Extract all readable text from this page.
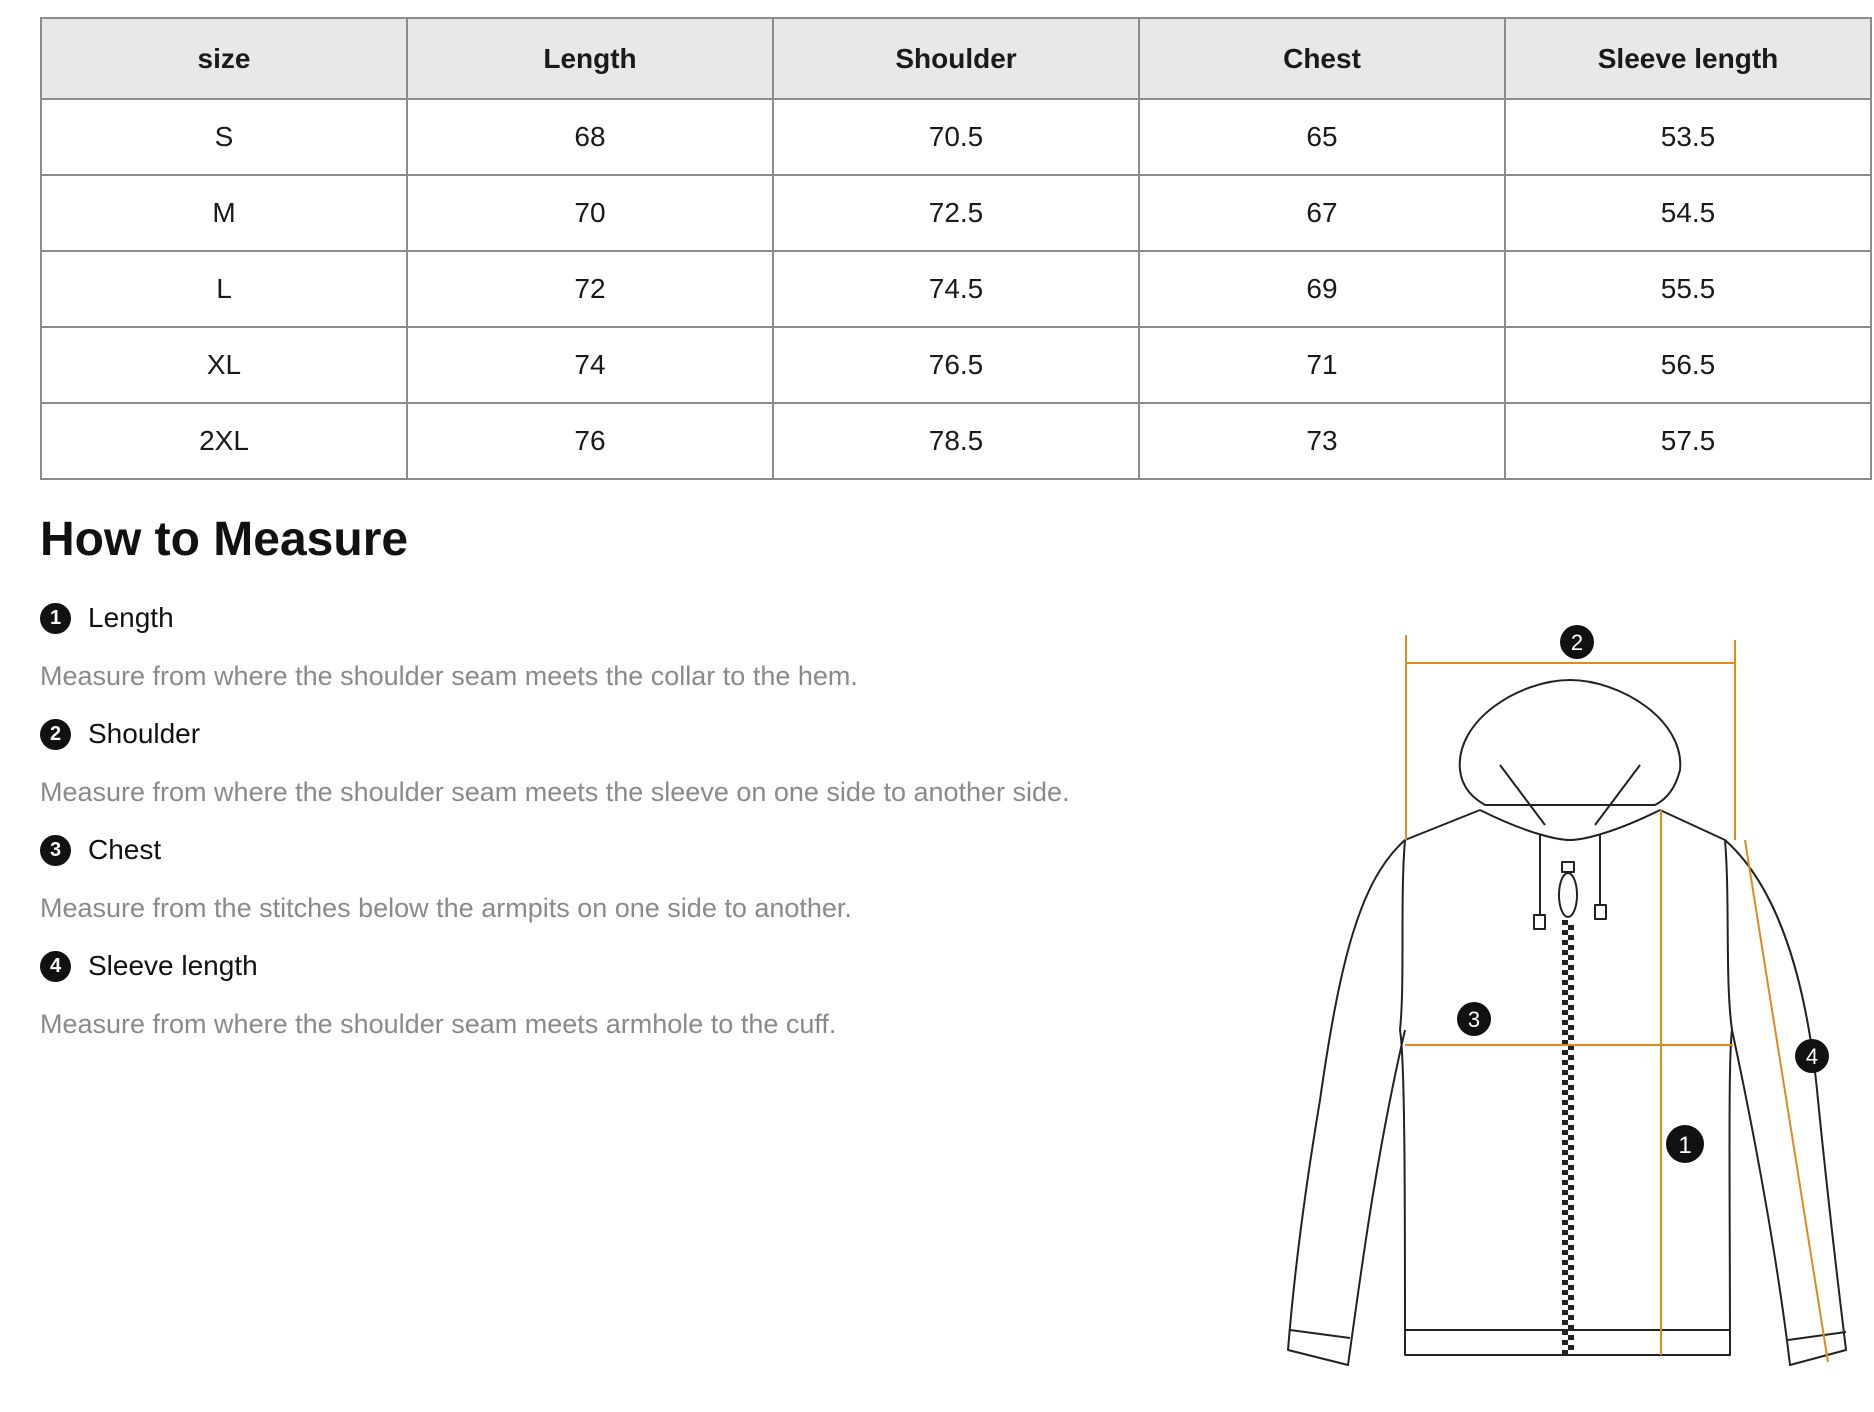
size	Length	Shoulder	Chest	Sleeve length
S	68	70.5	65	53.5
M	70	72.5	67	54.5
L	72	74.5	69	55.5
XL	74	76.5	71	56.5
2XL	76	78.5	73	57.5
How to Measure
1 Length
Measure from where the shoulder seam meets the collar to the hem.
2 Shoulder
Measure from where the shoulder seam meets the sleeve on one side to another side.
3 Chest
Measure from the stitches below the armpits on one side to another.
4 Sleeve length
Measure from where the shoulder seam meets armhole to the cuff.
2
3
4
1
